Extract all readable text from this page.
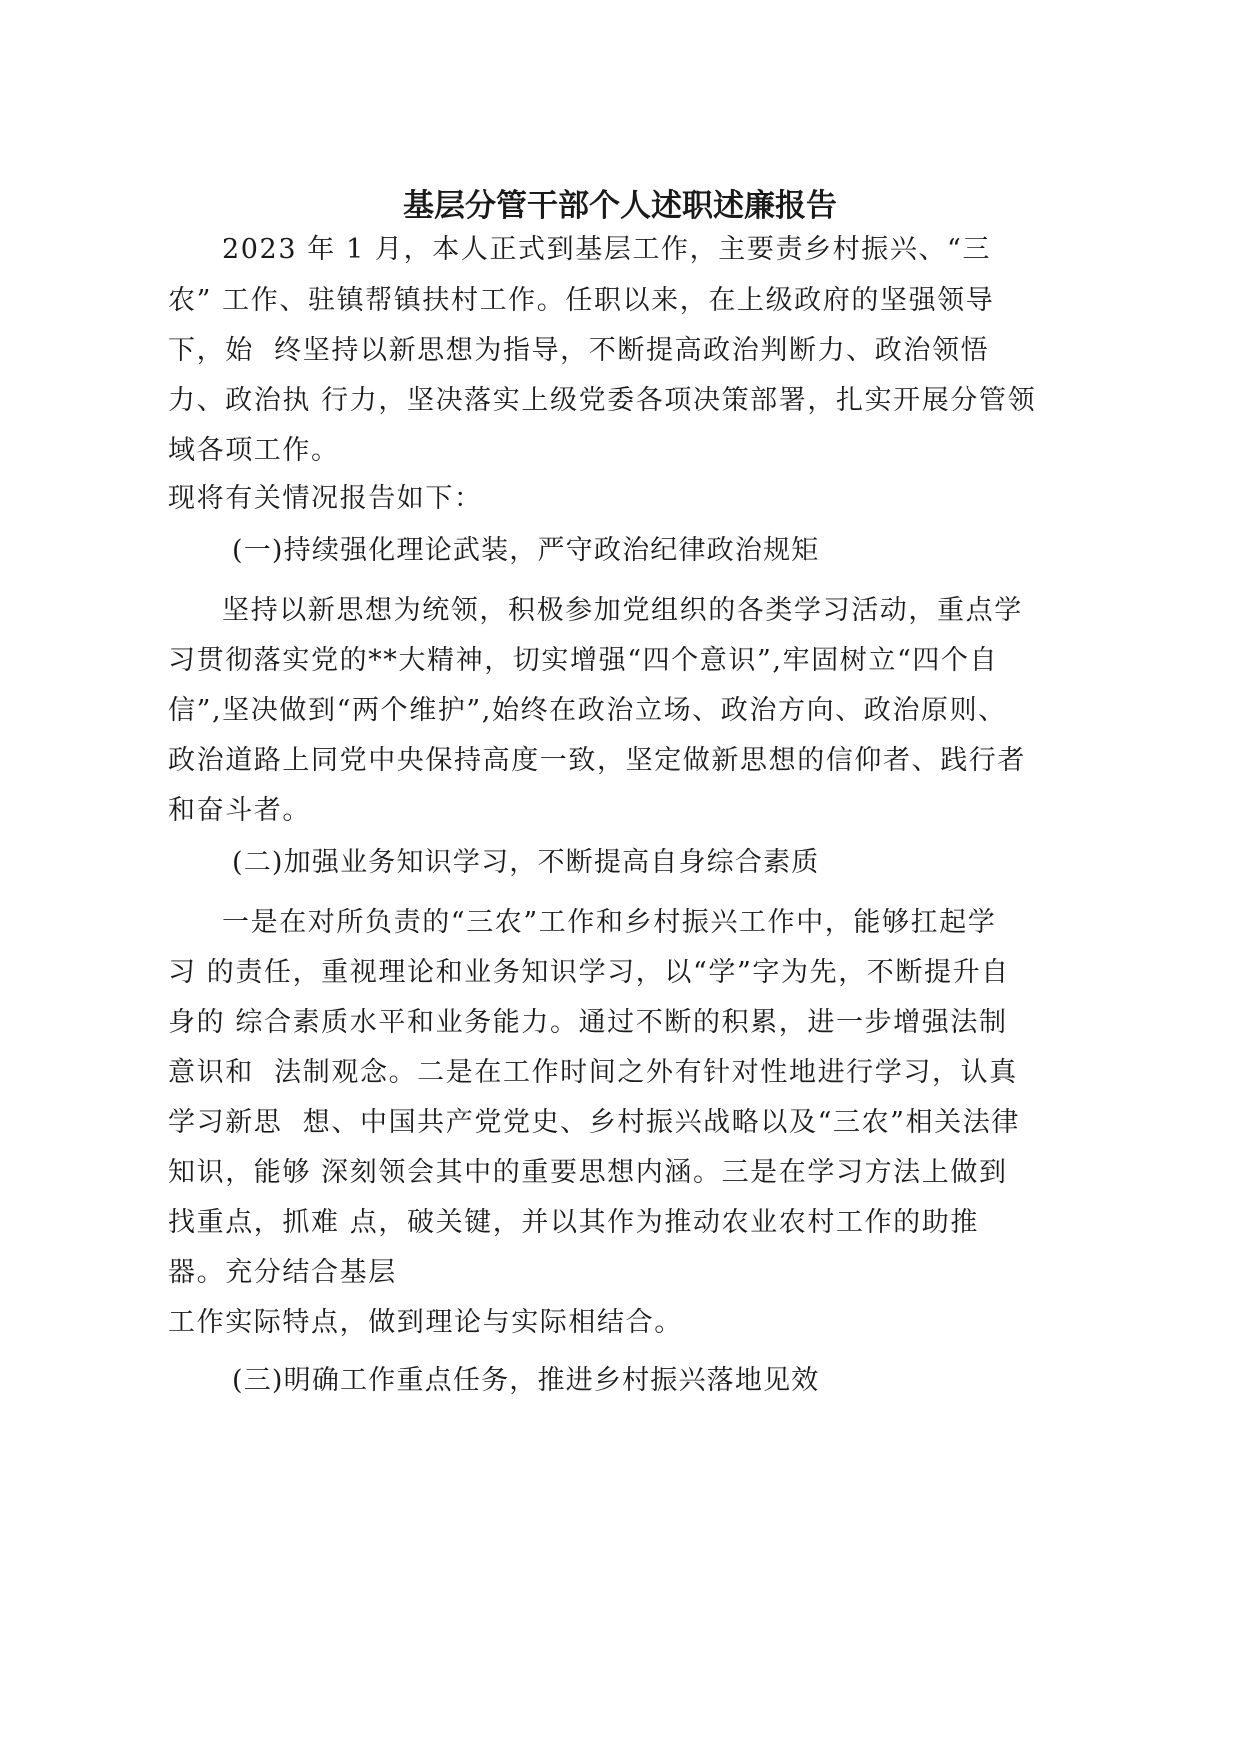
基层分管干部个人述职述廉报告

2023 年 1 月，本人正式到基层工作，主要责乡村振兴、“三

农” 工作、驻镇帮镇扶村工作。任职以来，在上级政府的坚强领导

下，始  终坚持以新思想为指导，不断提高政治判断力、政治领悟

力、政治执 行力，坚决落实上级党委各项决策部署，扎实开展分管领

域各项工作。

现将有关情况报告如下：

(一)持续强化理论武装，严守政治纪律政治规矩

坚持以新思想为统领，积极参加党组织的各类学习活动，重点学

习贯彻落实党的**大精神，切实增强“四个意识”,牢固树立“四个自

信”,坚决做到“两个维护”,始终在政治立场、政治方向、政治原则、

政治道路上同党中央保持高度一致，坚定做新思想的信仰者、践行者

和奋斗者。

(二)加强业务知识学习，不断提高自身综合素质

一是在对所负责的“三农”工作和乡村振兴工作中，能够扛起学

习 的责任，重视理论和业务知识学习，以“学”字为先，不断提升自

身的 综合素质水平和业务能力。通过不断的积累，进一步增强法制

意识和  法制观念。二是在工作时间之外有针对性地进行学习，认真

学习新思  想、中国共产党党史、乡村振兴战略以及“三农”相关法律

知识，能够 深刻领会其中的重要思想内涵。三是在学习方法上做到

找重点，抓难 点，破关键，并以其作为推动农业农村工作的助推

器。充分结合基层

工作实际特点，做到理论与实际相结合。

(三)明确工作重点任务，推进乡村振兴落地见效
